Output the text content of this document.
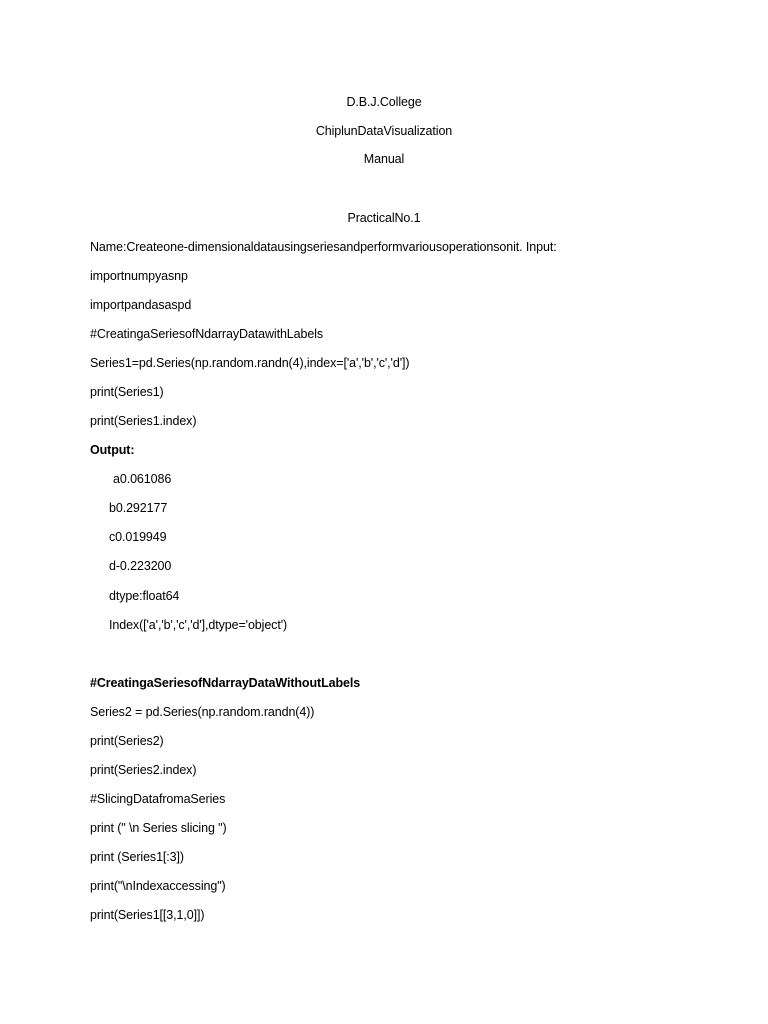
D.B.J.College
ChiplunDataVisualization
Manual
PracticalNo.1
Name:Createone-dimensionaldatausingseriesandperformvariousoperationsonit. Input:
importnumpyasnp
importpandasaspd
#CreatingaSeriesofNdarrayDatawithLabels
Series1=pd.Series(np.random.randn(4),index=['a','b','c','d'])
print(Series1)
print(Series1.index)
Output:
a0.061086
b0.292177
c0.019949
d-0.223200
dtype:float64
Index(['a','b','c','d'],dtype='object')
#CreatingaSeriesofNdarrayDataWithoutLabels
Series2 = pd.Series(np.random.randn(4))
print(Series2)
print(Series2.index)
#SlicingDatafromaSeries
print (" \n Series slicing ")
print (Series1[:3])
print("\nIndexaccessing")
print(Series1[[3,1,0]])
